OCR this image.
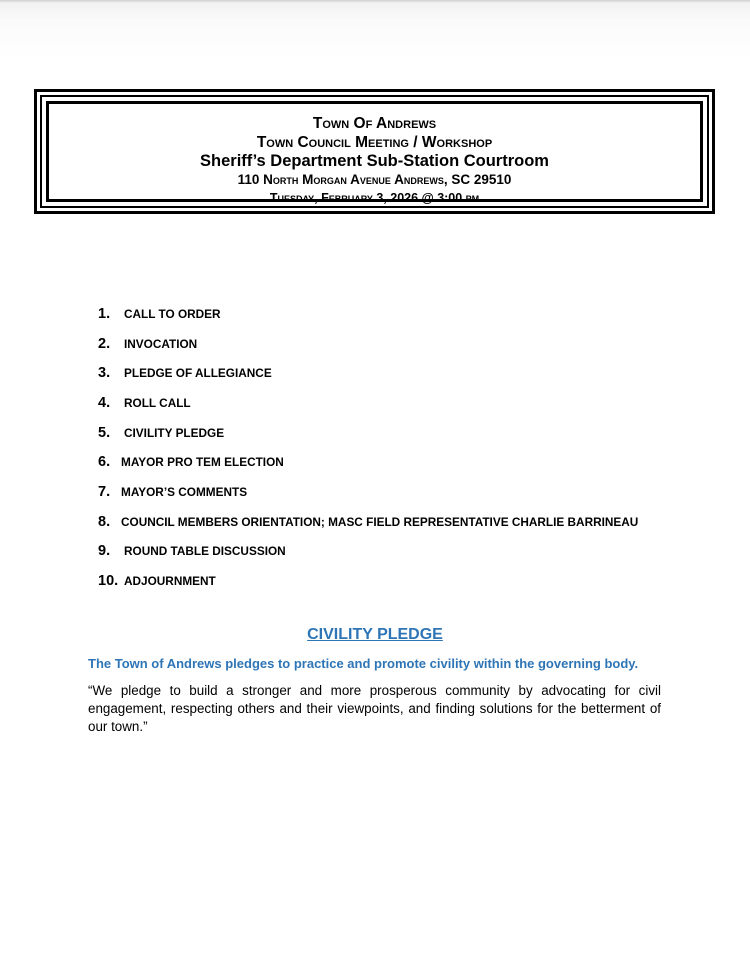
Town Of Andrews

Town Council Meeting / Workshop

Sheriff’s Department Sub-Station Courtroom

110 North Morgan Avenue Andrews, SC 29510

Tuesday, February 3, 2026 @ 3:00 pm

1.	CALL TO ORDER
2.	INVOCATION
3.	PLEDGE OF ALLEGIANCE
4.	ROLL CALL
5.	CIVILITY PLEDGE
6. MAYOR PRO TEM ELECTION
7. MAYOR’S COMMENTS
8. COUNCIL MEMBERS ORIENTATION; MASC FIELD REPRESENTATIVE CHARLIE BARRINEAU
9.	ROUND TABLE DISCUSSION
10. ADJOURNMENT

CIVILITY PLEDGE

The Town of Andrews pledges to practice and promote civility within the governing body.

“We pledge to build a stronger and more prosperous community by advocating for civil engagement, respecting others and their viewpoints, and finding solutions for the betterment of our town.”
